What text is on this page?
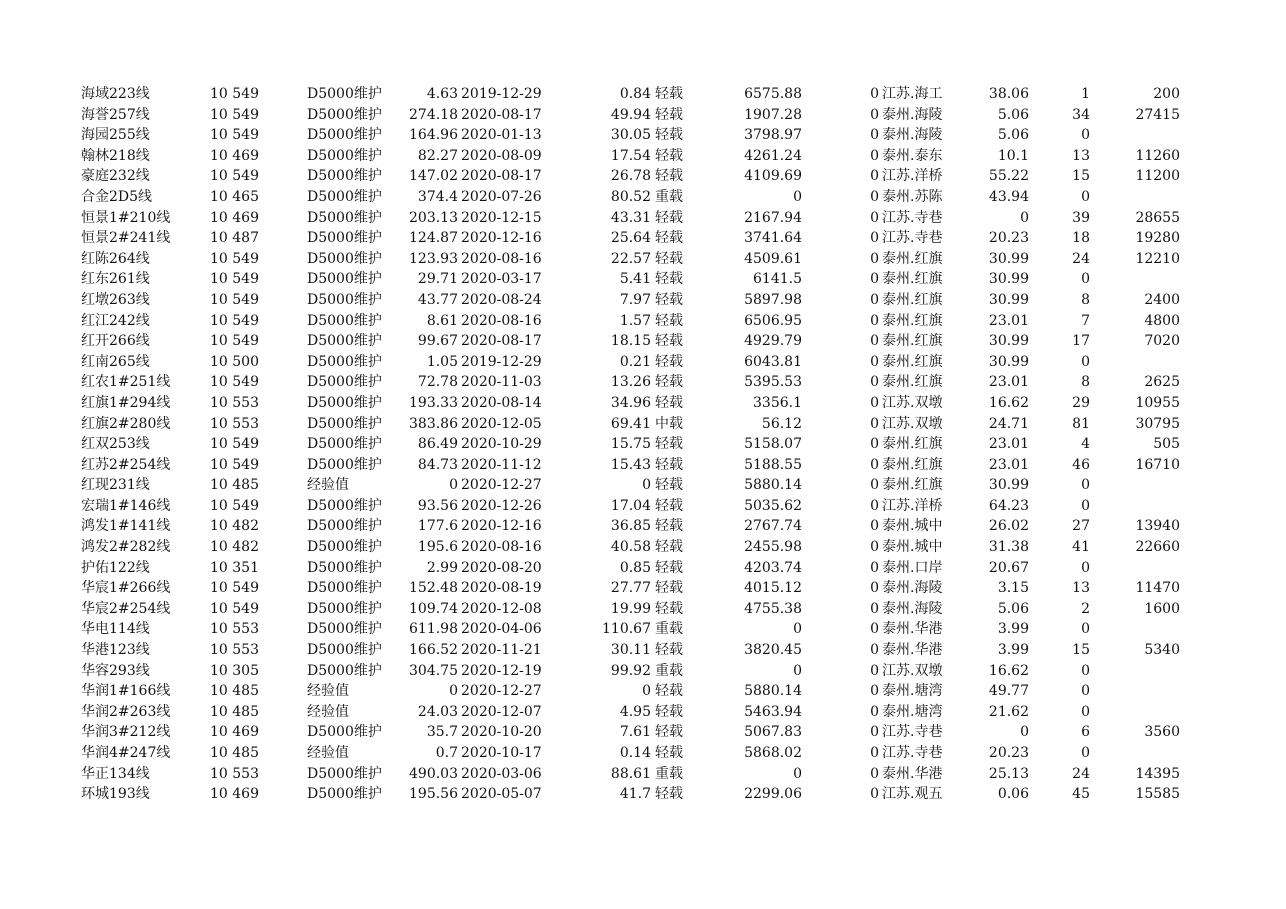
海域223线	10 549	D5000维护	4.63 2019-12-29	0.84 轻载	6575.88	0 江苏.海工	38.06	1	200
海誉257线	10 549	D5000维护	274.18 2020-08-17	49.94 轻载	1907.28	0 泰州.海陵	5.06	34	27415
海园255线	10 549	D5000维护	164.96 2020-01-13	30.05 轻载	3798.97	0 泰州.海陵	5.06	0
翰林218线	10 469	D5000维护	82.27 2020-08-09	17.54 轻载	4261.24	0 泰州.泰东	10.1	13	11260
豪庭232线	10 549	D5000维护	147.02 2020-08-17	26.78 轻载	4109.69	0 江苏.洋桥	55.22	15	11200
合金2D5线	10 465	D5000维护	374.4 2020-07-26	80.52 重载	0	0 泰州.苏陈	43.94	0
恒景1#210线	10 469	D5000维护	203.13 2020-12-15	43.31 轻载	2167.94	0 江苏.寺巷	0	39	28655
恒景2#241线	10 487	D5000维护	124.87 2020-12-16	25.64 轻载	3741.64	0 江苏.寺巷	20.23	18	19280
红陈264线	10 549	D5000维护	123.93 2020-08-16	22.57 轻载	4509.61	0 泰州.红旗	30.99	24	12210
红东261线	10 549	D5000维护	29.71 2020-03-17	5.41 轻载	6141.5	0 泰州.红旗	30.99	0
红墩263线	10 549	D5000维护	43.77 2020-08-24	7.97 轻载	5897.98	0 泰州.红旗	30.99	8	2400
红江242线	10 549	D5000维护	8.61 2020-08-16	1.57 轻载	6506.95	0 泰州.红旗	23.01	7	4800
红开266线	10 549	D5000维护	99.67 2020-08-17	18.15 轻载	4929.79	0 泰州.红旗	30.99	17	7020
红南265线	10 500	D5000维护	1.05 2019-12-29	0.21 轻载	6043.81	0 泰州.红旗	30.99	0
红农1#251线	10 549	D5000维护	72.78 2020-11-03	13.26 轻载	5395.53	0 泰州.红旗	23.01	8	2625
红旗1#294线	10 553	D5000维护	193.33 2020-08-14	34.96 轻载	3356.1	0 江苏.双墩	16.62	29	10955
红旗2#280线	10 553	D5000维护	383.86 2020-12-05	69.41 中载	56.12	0 江苏.双墩	24.71	81	30795
红双253线	10 549	D5000维护	86.49 2020-10-29	15.75 轻载	5158.07	0 泰州.红旗	23.01	4	505
红苏2#254线	10 549	D5000维护	84.73 2020-11-12	15.43 轻载	5188.55	0 泰州.红旗	23.01	46	16710
红现231线	10 485	经验值	0 2020-12-27	0 轻载	5880.14	0 泰州.红旗	30.99	0
宏瑞1#146线	10 549	D5000维护	93.56 2020-12-26	17.04 轻载	5035.62	0 江苏.洋桥	64.23	0
鸿发1#141线	10 482	D5000维护	177.6 2020-12-16	36.85 轻载	2767.74	0 泰州.城中	26.02	27	13940
鸿发2#282线	10 482	D5000维护	195.6 2020-08-16	40.58 轻载	2455.98	0 泰州.城中	31.38	41	22660
护佑122线	10 351	D5000维护	2.99 2020-08-20	0.85 轻载	4203.74	0 泰州.口岸	20.67	0
华宸1#266线	10 549	D5000维护	152.48 2020-08-19	27.77 轻载	4015.12	0 泰州.海陵	3.15	13	11470
华宸2#254线	10 549	D5000维护	109.74 2020-12-08	19.99 轻载	4755.38	0 泰州.海陵	5.06	2	1600
华电114线	10 553	D5000维护	611.98 2020-04-06	110.67 重载	0	0 泰州.华港	3.99	0
华港123线	10 553	D5000维护	166.52 2020-11-21	30.11 轻载	3820.45	0 泰州.华港	3.99	15	5340
华容293线	10 305	D5000维护	304.75 2020-12-19	99.92 重载	0	0 江苏.双墩	16.62	0
华润1#166线	10 485	经验值	0 2020-12-27	0 轻载	5880.14	0 泰州.塘湾	49.77	0
华润2#263线	10 485	经验值	24.03 2020-12-07	4.95 轻载	5463.94	0 泰州.塘湾	21.62	0
华润3#212线	10 469	D5000维护	35.7 2020-10-20	7.61 轻载	5067.83	0 江苏.寺巷	0	6	3560
华润4#247线	10 485	经验值	0.7 2020-10-17	0.14 轻载	5868.02	0 江苏.寺巷	20.23	0
华正134线	10 553	D5000维护	490.03 2020-03-06	88.61 重载	0	0 泰州.华港	25.13	24	14395
环城193线	10 469	D5000维护	195.56 2020-05-07	41.7 轻载	2299.06	0 江苏.观五	0.06	45	15585
